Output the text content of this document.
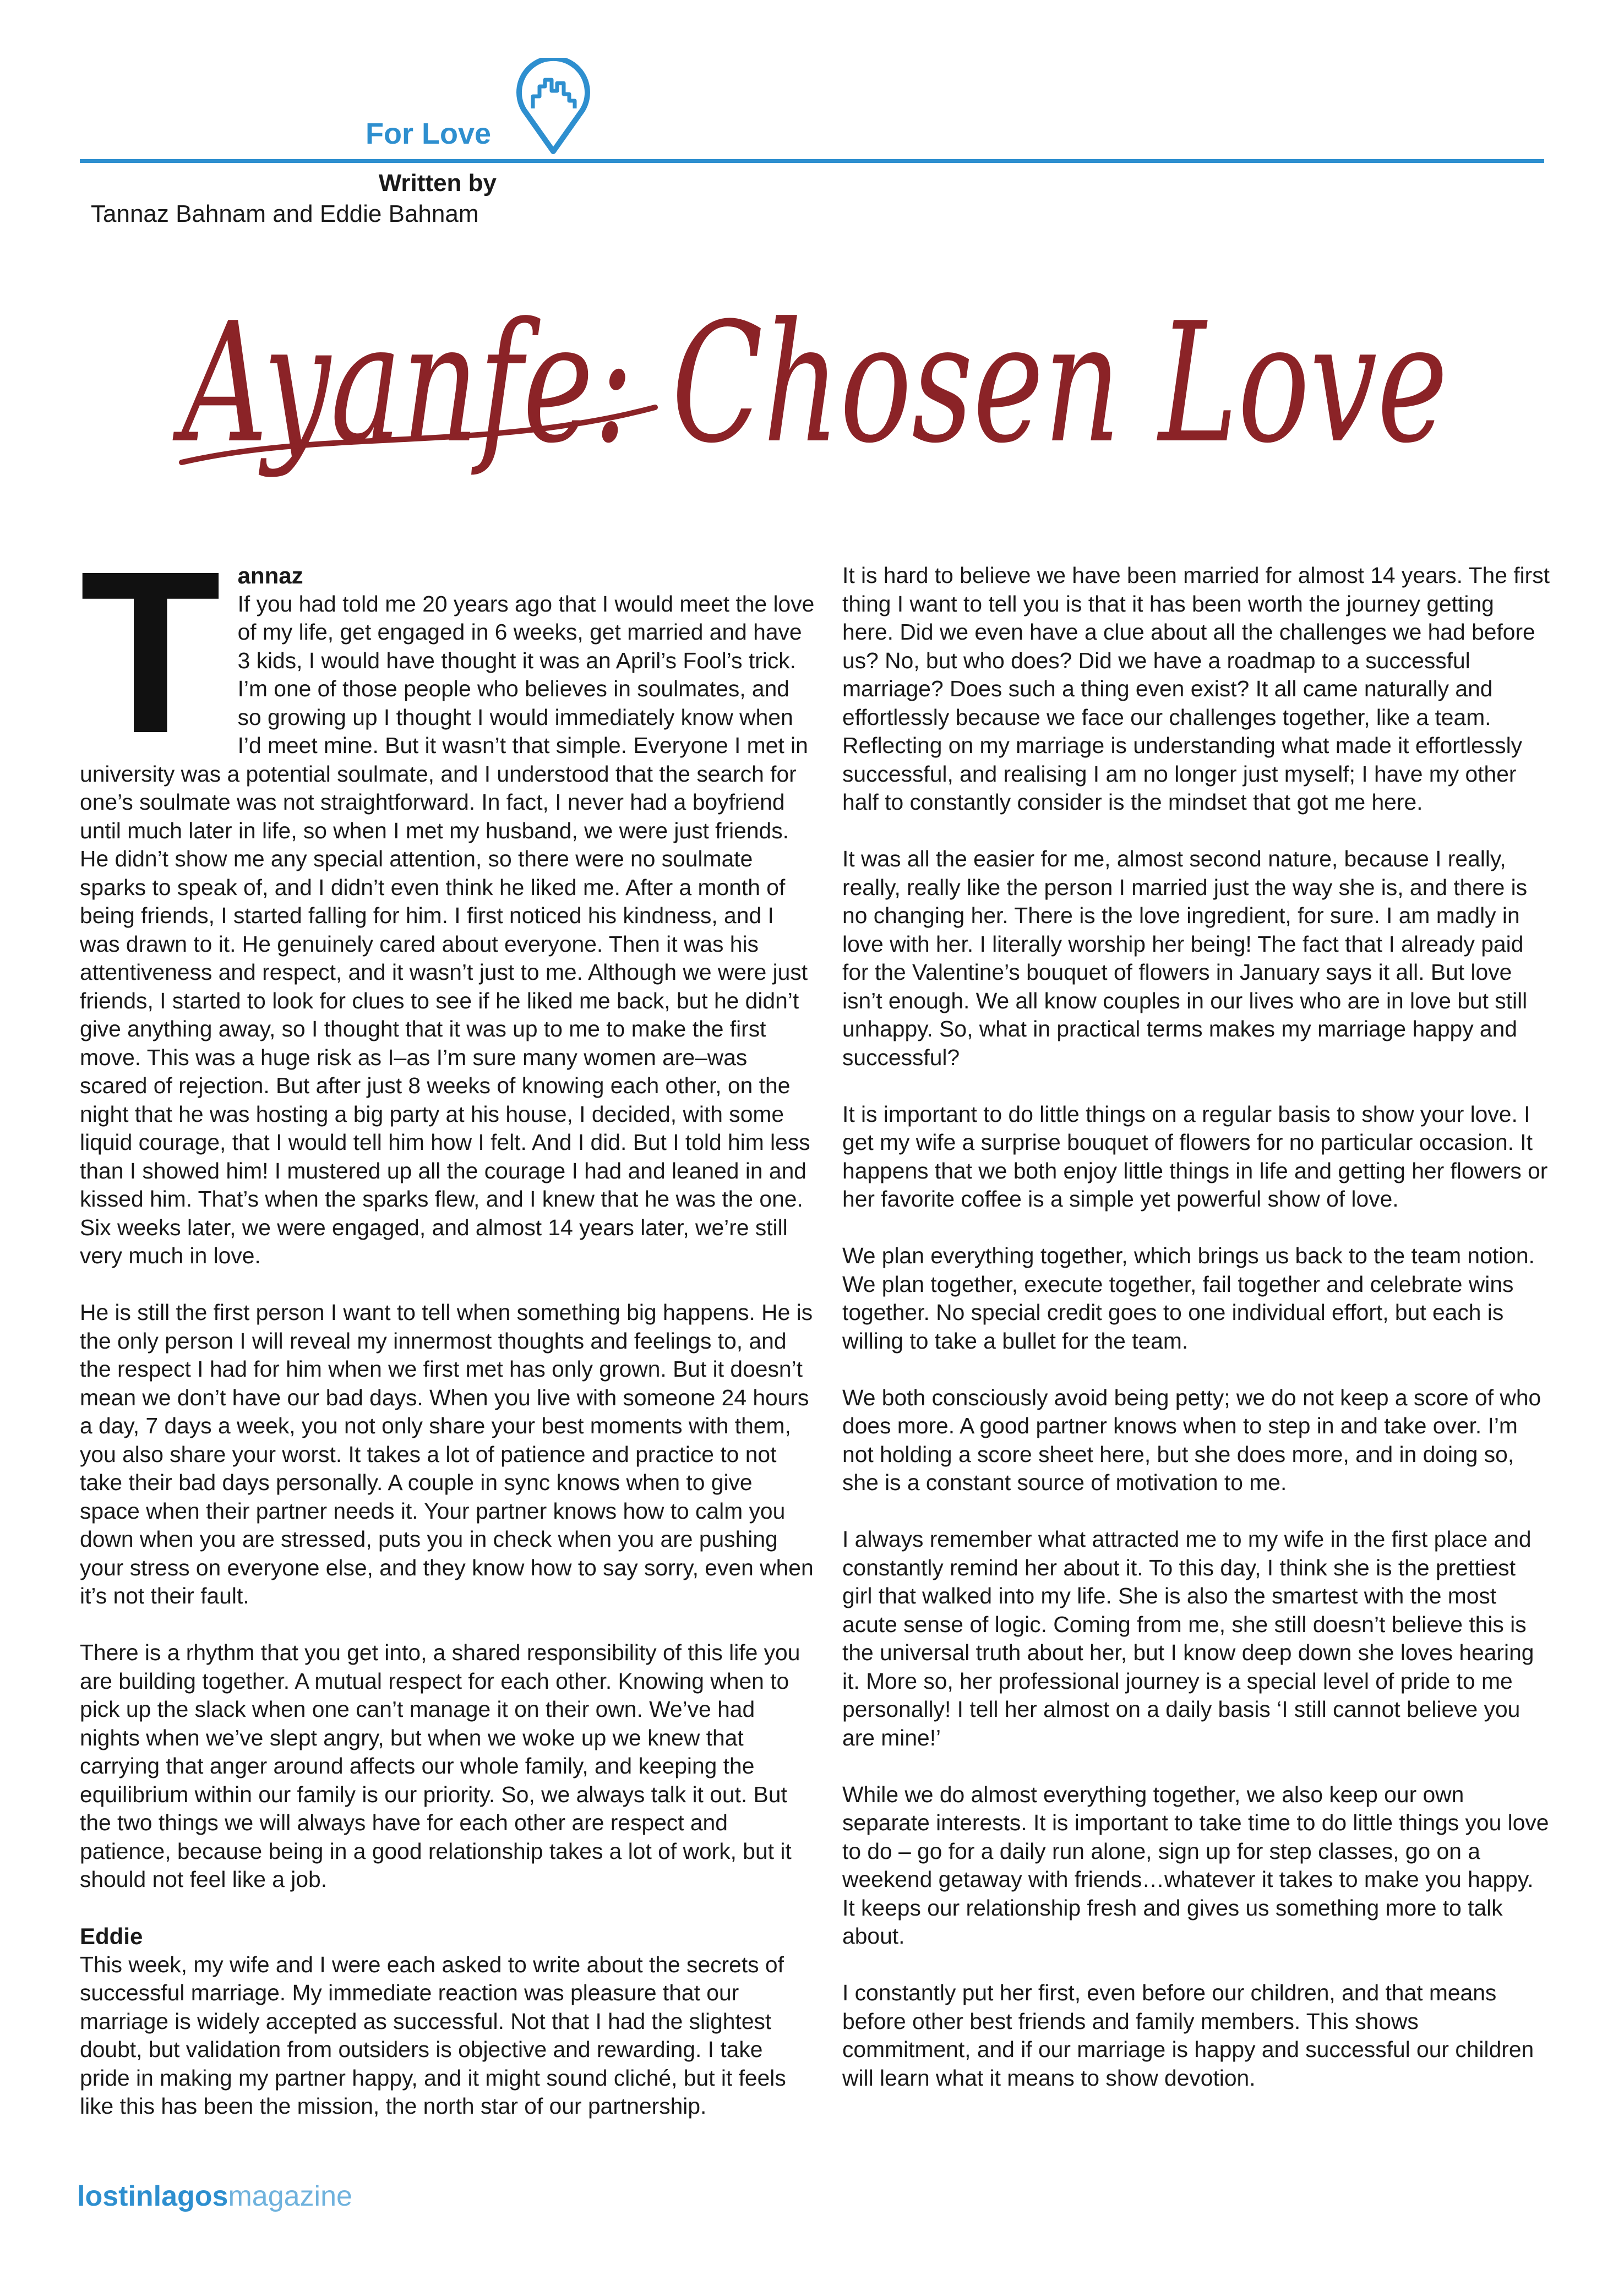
For Love
Written by
Tannaz Bahnam and Eddie Bahnam
Ayanfe: Chosen Love
T annaz

If you had told me 20 years ago that I would meet the love of my life, get engaged in 6 weeks, get married and have 3 kids, I would have thought it was an April’s Fool’s trick. I’m one of those people who believes in soulmates, and so growing up I thought I would immediately know when I’d meet mine. But it wasn’t that simple. Everyone I met in university was a potential soulmate, and I understood that the search for one’s soulmate was not straightforward. In fact, I never had a boyfriend until much later in life, so when I met my husband, we were just friends. He didn’t show me any special attention, so there were no soulmate sparks to speak of, and I didn’t even think he liked me. After a month of being friends, I started falling for him. I first noticed his kindness, and I was drawn to it. He genuinely cared about everyone. Then it was his attentiveness and respect, and it wasn’t just to me. Although we were just friends, I started to look for clues to see if he liked me back, but he didn’t give anything away, so I thought that it was up to me to make the first move. This was a huge risk as I–as I’m sure many women are–was scared of rejection. But after just 8 weeks of knowing each other, on the night that he was hosting a big party at his house, I decided, with some liquid courage, that I would tell him how I felt. And I did. But I told him less than I showed him! I mustered up all the courage I had and leaned in and kissed him. That’s when the sparks flew, and I knew that he was the one. Six weeks later, we were engaged, and almost 14 years later, we’re still very much in love.

He is still the first person I want to tell when something big happens. He is the only person I will reveal my innermost thoughts and feelings to, and the respect I had for him when we first met has only grown. But it doesn’t mean we don’t have our bad days. When you live with someone 24 hours a day, 7 days a week, you not only share your best moments with them, you also share your worst. It takes a lot of patience and practice to not take their bad days personally. A couple in sync knows when to give space when their partner needs it. Your partner knows how to calm you down when you are stressed, puts you in check when you are pushing your stress on everyone else, and they know how to say sorry, even when it’s not their fault.

There is a rhythm that you get into, a shared responsibility of this life you are building together. A mutual respect for each other. Knowing when to pick up the slack when one can’t manage it on their own. We’ve had nights when we’ve slept angry, but when we woke up we knew that carrying that anger around affects our whole family, and keeping the equilibrium within our family is our priority. So, we always talk it out. But the two things we will always have for each other are respect and patience, because being in a good relationship takes a lot of work, but it should not feel like a job.

Eddie

This week, my wife and I were each asked to write about the secrets of successful marriage. My immediate reaction was pleasure that our marriage is widely accepted as successful. Not that I had the slightest doubt, but validation from outsiders is objective and rewarding. I take pride in making my partner happy, and it might sound cliché, but it feels like this has been the mission, the north star of our partnership.

It is hard to believe we have been married for almost 14 years. The first thing I want to tell you is that it has been worth the journey getting here. Did we even have a clue about all the challenges we had before us? No, but who does? Did we have a roadmap to a successful marriage? Does such a thing even exist? It all came naturally and effortlessly because we face our challenges together, like a team. Reflecting on my marriage is understanding what made it effortlessly successful, and realising I am no longer just myself; I have my other half to constantly consider is the mindset that got me here.

It was all the easier for me, almost second nature, because I really, really, really like the person I married just the way she is, and there is no changing her. There is the love ingredient, for sure. I am madly in love with her. I literally worship her being! The fact that I already paid for the Valentine’s bouquet of flowers in January says it all. But love isn’t enough. We all know couples in our lives who are in love but still unhappy. So, what in practical terms makes my marriage happy and successful?

It is important to do little things on a regular basis to show your love. I get my wife a surprise bouquet of flowers for no particular occasion. It happens that we both enjoy little things in life and getting her flowers or her favorite coffee is a simple yet powerful show of love.

We plan everything together, which brings us back to the team notion. We plan together, execute together, fail together and celebrate wins together. No special credit goes to one individual effort, but each is willing to take a bullet for the team.

We both consciously avoid being petty; we do not keep a score of who does more. A good partner knows when to step in and take over. I’m not holding a score sheet here, but she does more, and in doing so, she is a constant source of motivation to me.

I always remember what attracted me to my wife in the first place and constantly remind her about it. To this day, I think she is the prettiest girl that walked into my life. She is also the smartest with the most acute sense of logic. Coming from me, she still doesn’t believe this is the universal truth about her, but I know deep down she loves hearing it. More so, her professional journey is a special level of pride to me personally! I tell her almost on a daily basis ‘I still cannot believe you are mine!’

While we do almost everything together, we also keep our own separate interests. It is important to take time to do little things you love to do – go for a daily run alone, sign up for step classes, go on a weekend getaway with friends…whatever it takes to make you happy. It keeps our relationship fresh and gives us something more to talk about.

I constantly put her first, even before our children, and that means before other best friends and family members. This shows commitment, and if our marriage is happy and successful our children will learn what it means to show devotion.

lostinlagosmagazine
